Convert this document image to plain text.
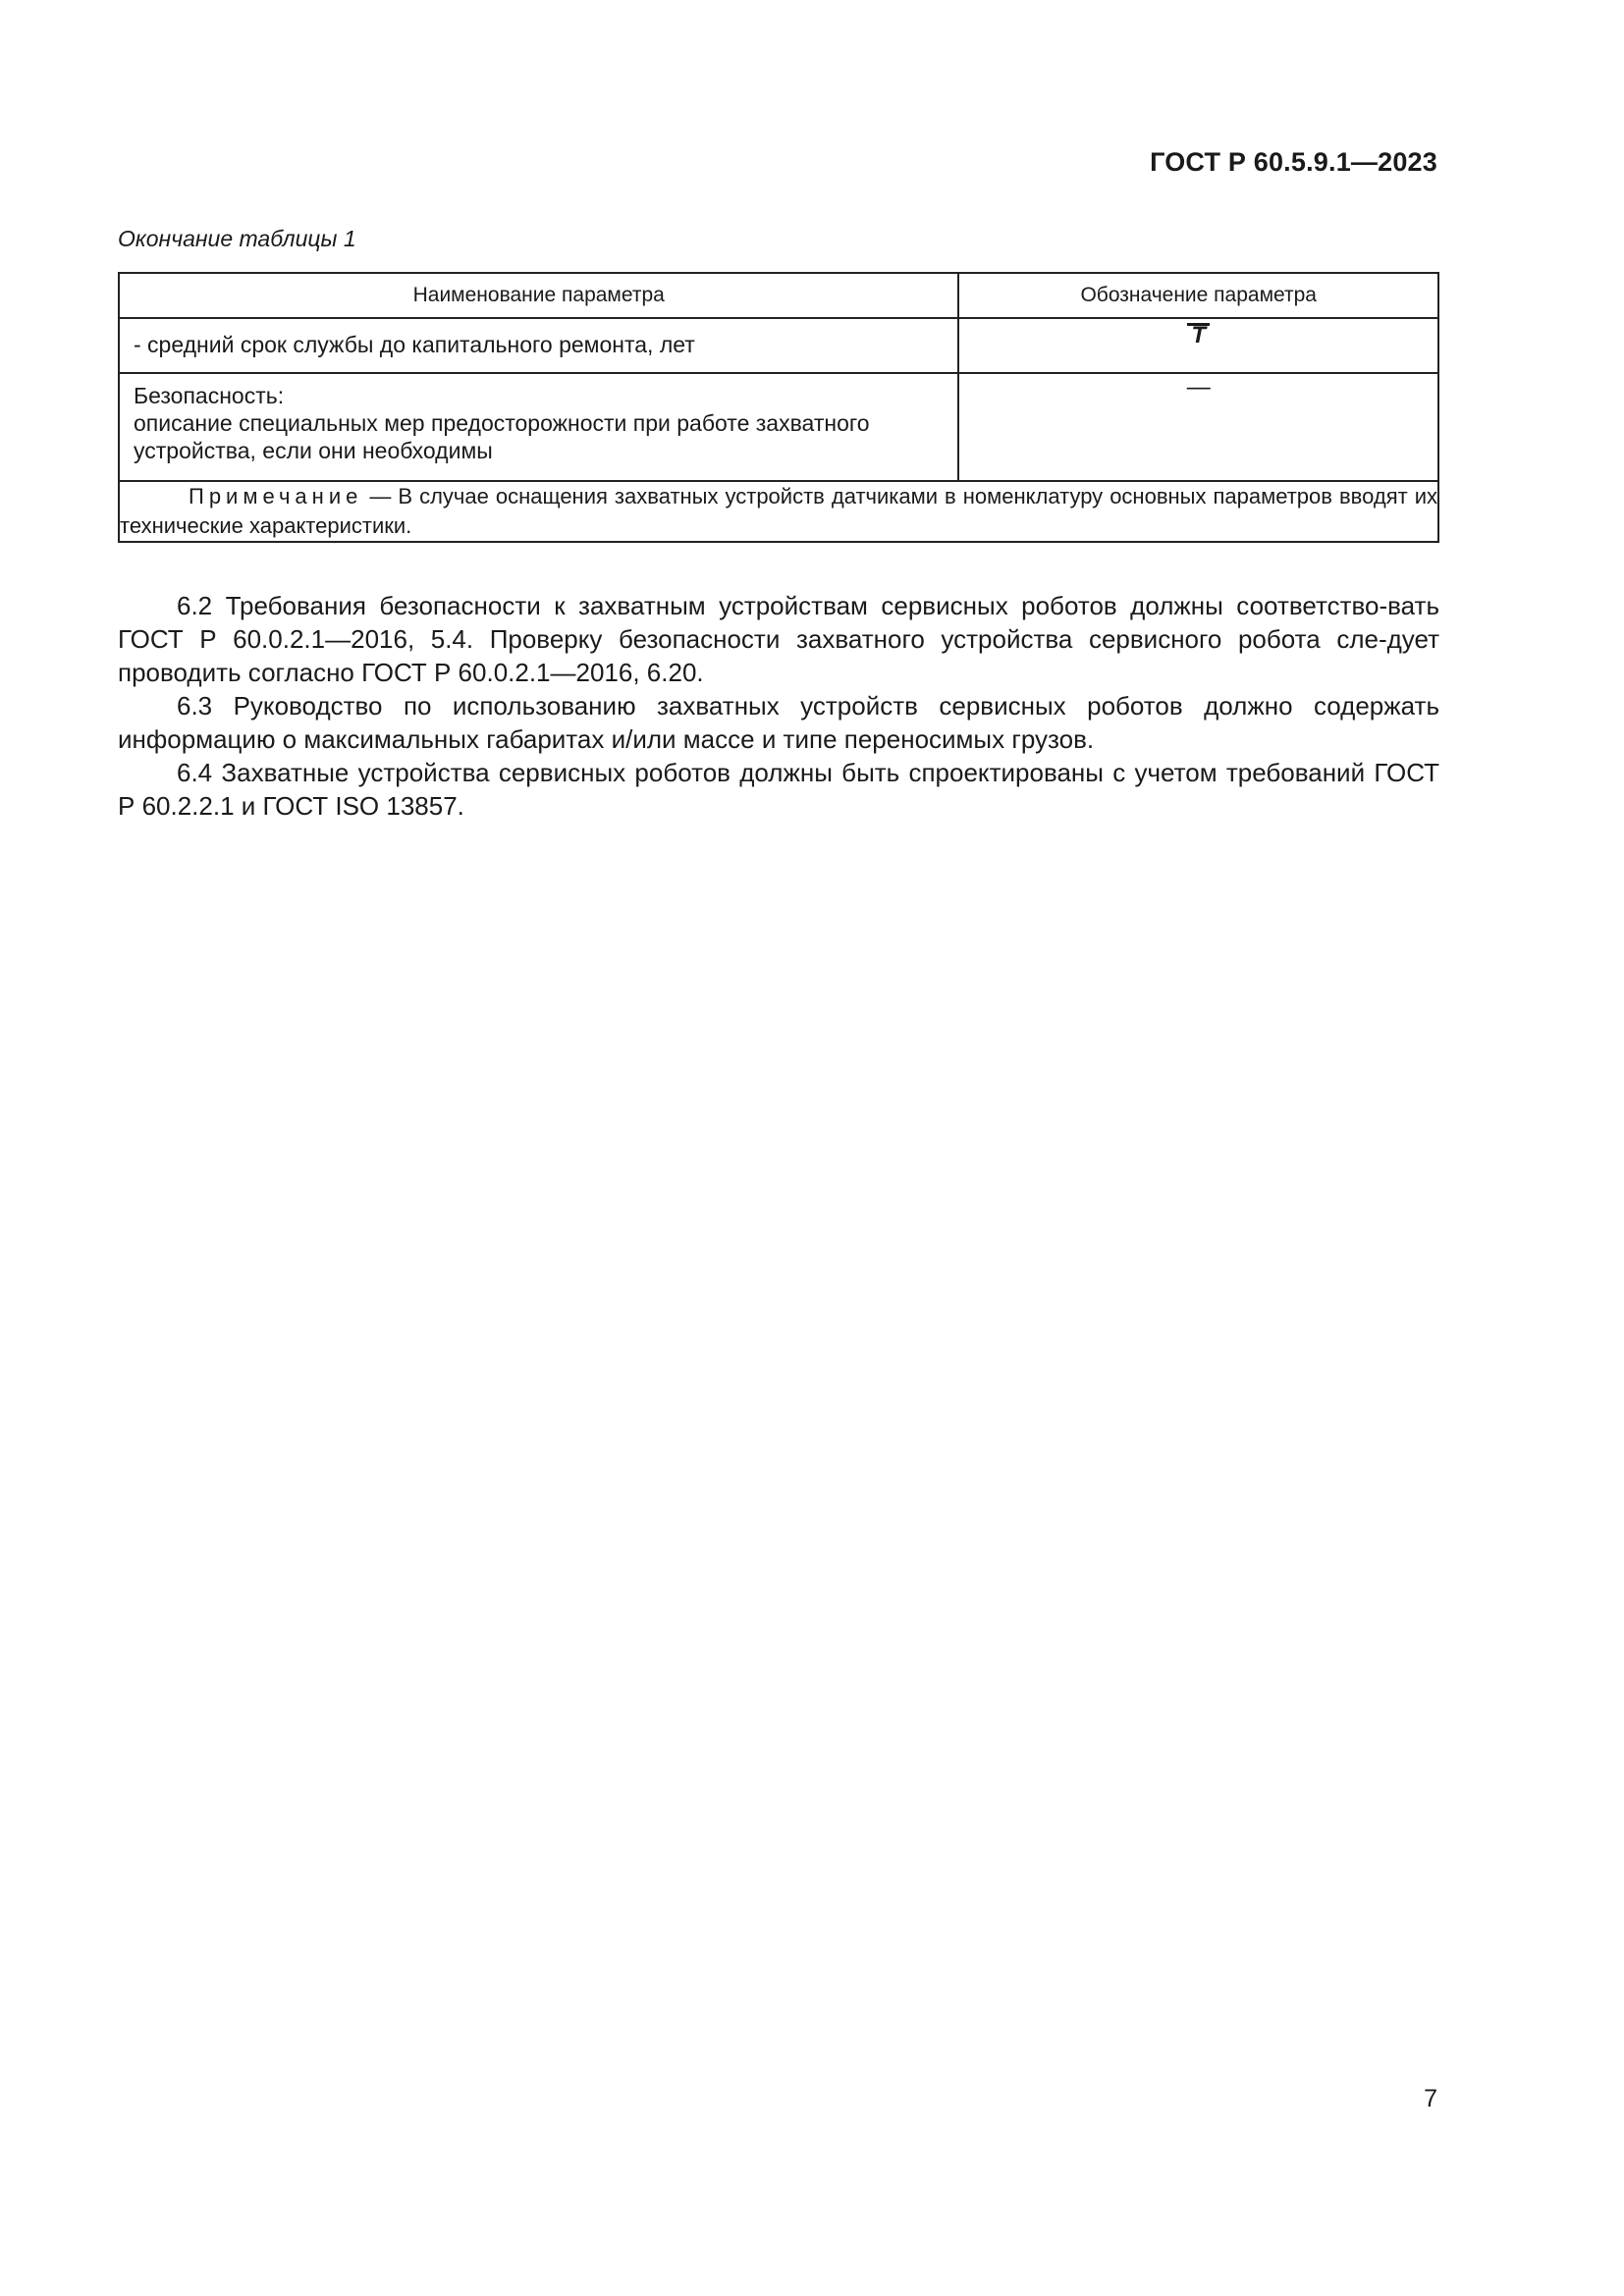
ГОСТ Р 60.5.9.1—2023
Окончание таблицы 1
Наименование параметра	Обозначение параметра

- средний срок службы до капитального ремонта, лет	T

Безопасность:
описание специальных мер предосторожности при работе захватного
устройства, если они необходимы	—
Примечание — В случае оснащения захватных устройств датчиками в номенклатуру основных параметров вводят их технические характеристики.	

6.2 Требования безопасности к захватным устройствам сервисных роботов должны соответство-вать ГОСТ Р 60.0.2.1—2016, 5.4. Проверку безопасности захватного устройства сервисного робота сле-дует проводить согласно ГОСТ Р 60.0.2.1—2016, 6.20.

6.3 Руководство по использованию захватных устройств сервисных роботов должно содержать информацию о максимальных габаритах и/или массе и типе переносимых грузов.

6.4 Захватные устройства сервисных роботов должны быть спроектированы с учетом требований ГОСТ Р 60.2.2.1 и ГОСТ ISO 13857.

7
